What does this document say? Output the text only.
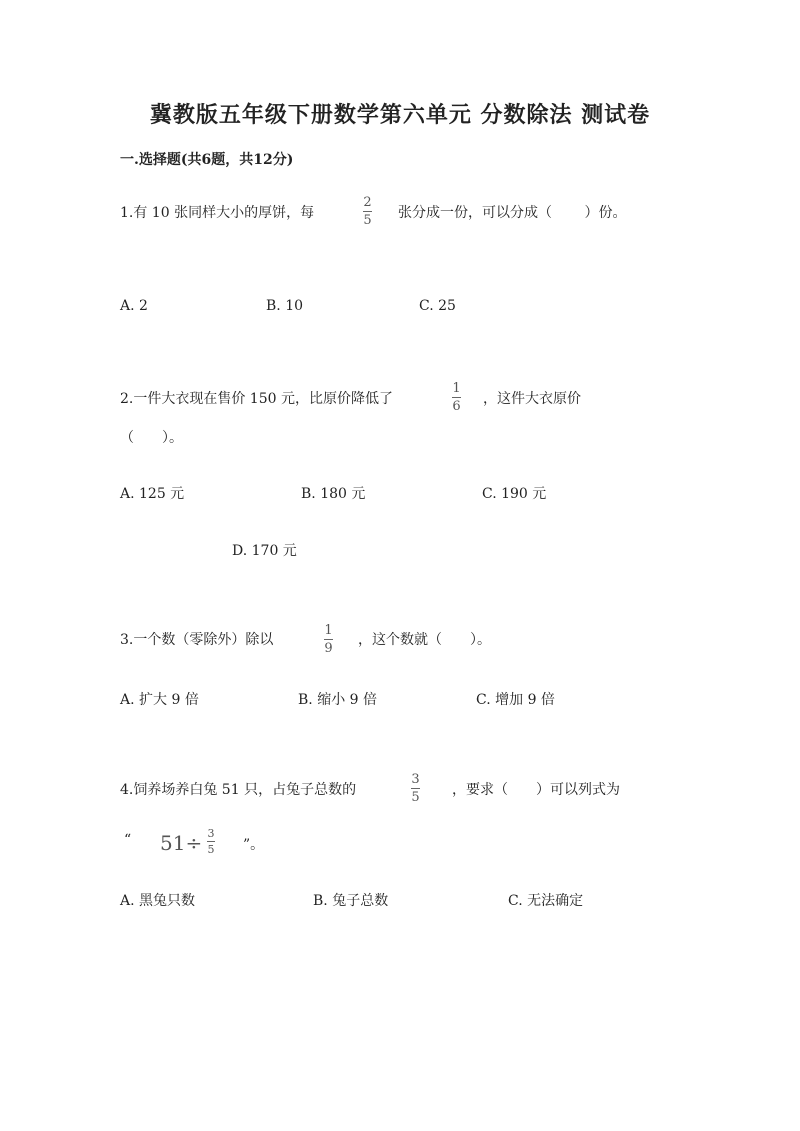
冀教版五年级下册数学第六单元 分数除法 测试卷
一.选择题(共6题，共12分)
1.有 10 张同样大小的厚饼，每
2
5 张分成一份，可以分成（　　 ）份。
A. 2	B. 10	C. 25
2.一件大衣现在售价 150 元，比原价降低了
1
6 ，这件大衣原价
（　　）。
A. 125 元	B. 180 元	C. 190 元
D. 170 元
3.一个数（零除外）除以
1
9
，这个数就（　　）。
A. 扩大 9 倍	B. 缩小 9 倍	C. 增加 9 倍
4.饲养场养白兔 51 只，占兔子总数的
3
5 ，要求（　　）可以列式为
“ 51÷ 3
5 ”。
A. 黑兔只数	B. 兔子总数	C. 无法确定
